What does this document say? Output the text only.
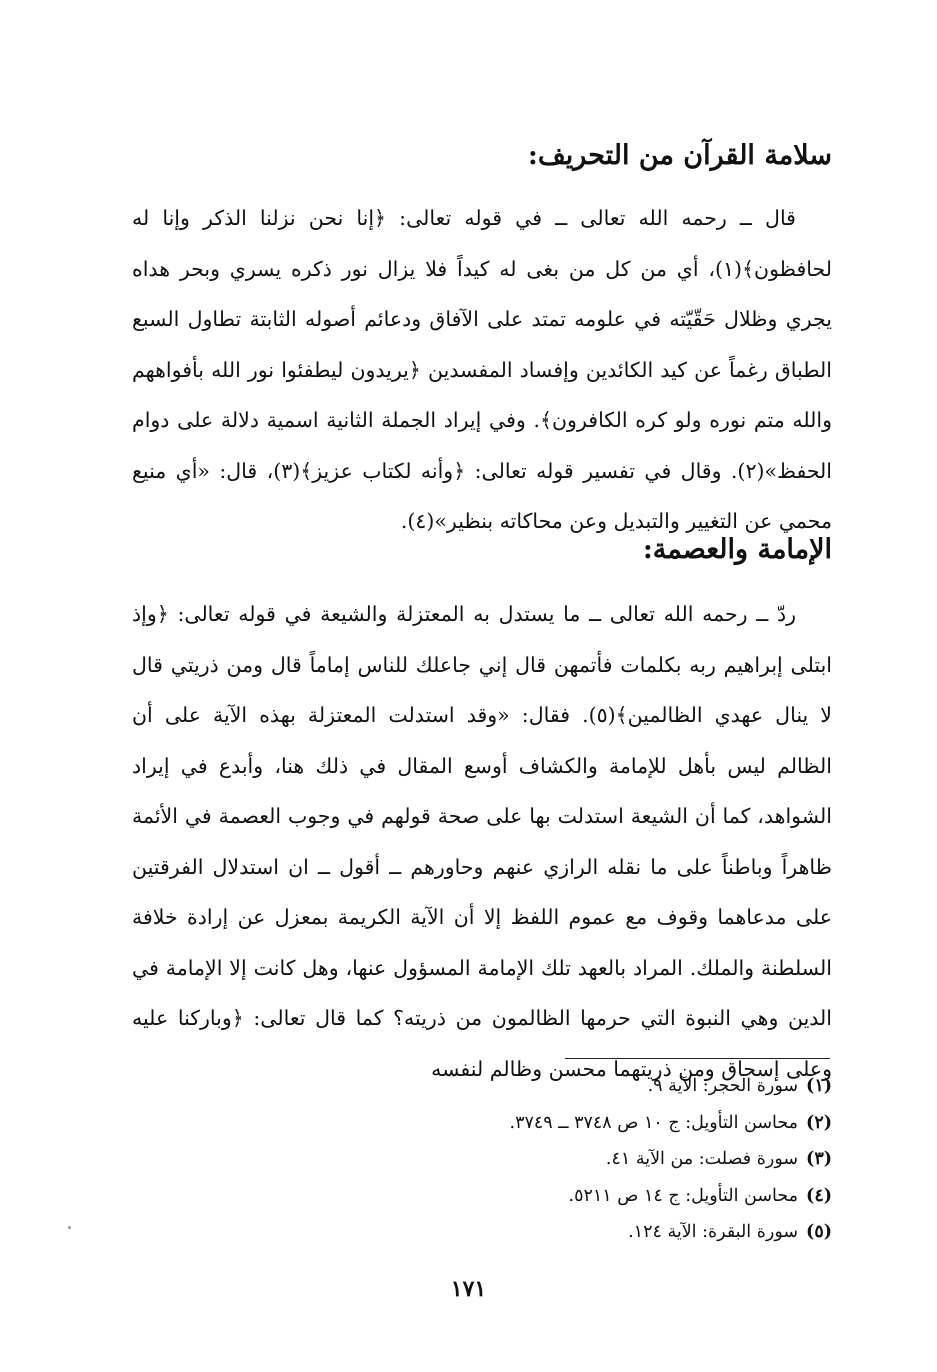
سلامة القرآن من التحريف:

قال ــ رحمه الله تعالى ــ في قوله تعالى: ﴿إنا نحن نزلنا الذكر وإنا له لحافظون﴾(١)، أي من كل من بغى له كيداً فلا يزال نور ذكره يسري وبحر هداه يجري وظلال حَقّيّته في علومه تمتد على الآفاق ودعائم أصوله الثابتة تطاول السبع الطباق رغماً عن كيد الكائدين وإفساد المفسدين ﴿يريدون ليطفئوا نور الله بأفواههم والله متم نوره ولو كره الكافرون﴾. وفي إيراد الجملة الثانية اسمية دلالة على دوام الحفظ»(٢). وقال في تفسير قوله تعالى: ﴿وأنه لكتاب عزيز﴾(٣)، قال: «أي منيع محمي عن التغيير والتبديل وعن محاكاته بنظير»(٤).

الإمامة والعصمة:

ردّ ــ رحمه الله تعالى ــ ما يستدل به المعتزلة والشيعة في قوله تعالى: ﴿وإذ ابتلى إبراهيم ربه بكلمات فأتمهن قال إني جاعلك للناس إماماً قال ومن ذريتي قال لا ينال عهدي الظالمين﴾(٥). فقال: «وقد استدلت المعتزلة بهذه الآية على أن الظالم ليس بأهل للإمامة والكشاف أوسع المقال في ذلك هنا، وأبدع في إيراد الشواهد، كما أن الشيعة استدلت بها على صحة قولهم في وجوب العصمة في الأئمة ظاهراً وباطناً على ما نقله الرازي عنهم وحاورهم ــ أقول ــ ان استدلال الفرقتين على مدعاهما وقوف مع عموم اللفظ إلا أن الآية الكريمة بمعزل عن إرادة خلافة السلطنة والملك. المراد بالعهد تلك الإمامة المسؤول عنها، وهل كانت إلا الإمامة في الدين وهي النبوة التي حرمها الظالمون من ذريته؟ كما قال تعالى: ﴿وباركنا عليه وعلى إسحاق ومن ذريتهما محسن وظالم لنفسه

(١)سورة الحجر: الآية ٩.
(٢)محاسن التأويل: ج ١٠ ص ٣٧٤٨ ــ ٣٧٤٩.
(٣)سورة فصلت: من الآية ٤١.
(٤)محاسن التأويل: ج ١٤ ص ٥٢١١.
(٥)سورة البقرة: الآية ١٢٤.
١٧١
